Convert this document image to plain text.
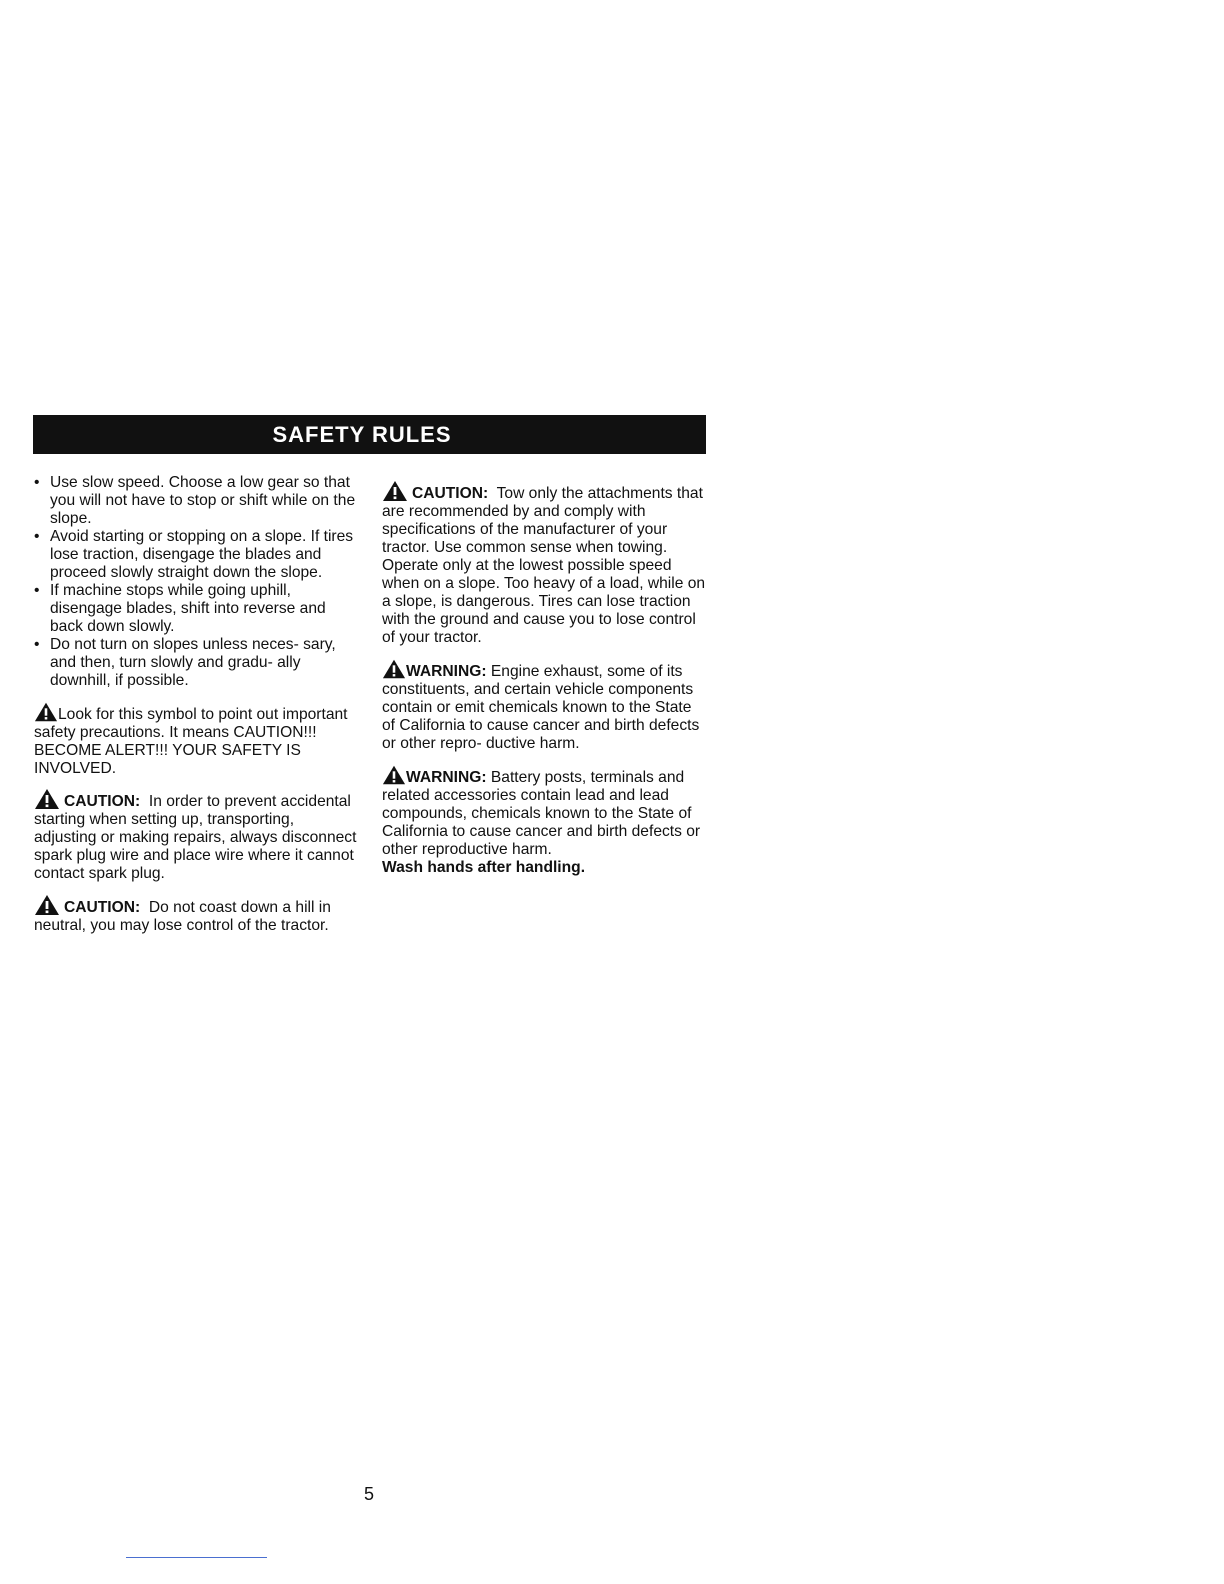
SAFETY RULES
• Use slow speed. Choose a low gear so that you will not have to stop or shift while on the slope.
• Avoid starting or stopping on a slope. If tires lose traction, disengage the blades and proceed slowly straight down the slope.
• If machine stops while going uphill, disengage blades, shift into reverse and back down slowly.
• Do not turn on slopes unless neces- sary, and then, turn slowly and gradu- ally downhill, if possible.

Look for this symbol to point out important safety precautions. It means CAUTION!!! BECOME ALERT!!! YOUR SAFETY IS INVOLVED.

CAUTION: In order to prevent accidental starting when setting up, transporting, adjusting or making repairs, always disconnect spark plug wire and place wire where it cannot contact spark plug.

CAUTION: Do not coast down a hill in neutral, you may lose control of the tractor.

CAUTION: Tow only the attachments that are recommended by and comply with specifications of the manufacturer of your tractor. Use common sense when towing. Operate only at the lowest possible speed when on a slope. Too heavy of a load, while on a slope, is dangerous. Tires can lose traction with the ground and cause you to lose control of your tractor.

WARNING: Engine exhaust, some of its constituents, and certain vehicle components contain or emit chemicals known to the State of California to cause cancer and birth defects or other repro- ductive harm.

WARNING: Battery posts, terminals and related accessories contain lead and lead compounds, chemicals known to the State of California to cause cancer and birth defects or other reproductive harm.
Wash hands after handling.

5
